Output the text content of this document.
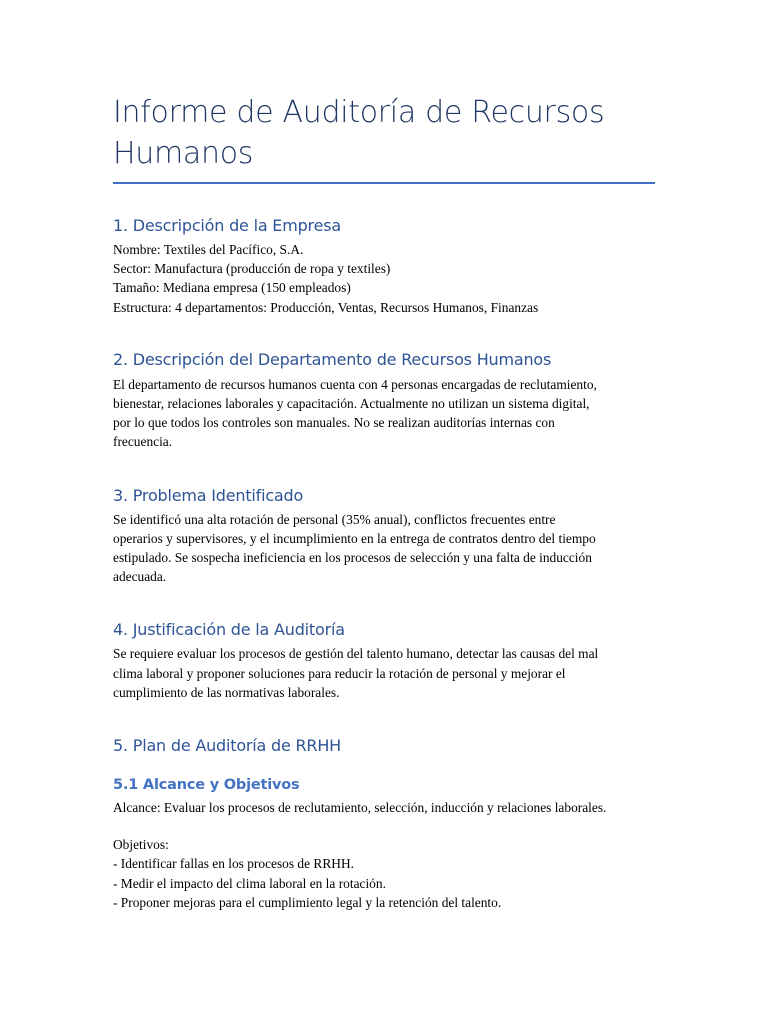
Informe de Auditoría de Recursos
Humanos
1. Descripción de la Empresa

Nombre: Textiles del Pacífico, S.A.
Sector: Manufactura (producción de ropa y textiles)
Tamaño: Mediana empresa (150 empleados)
Estructura: 4 departamentos: Producción, Ventas, Recursos Humanos, Finanzas

2. Descripción del Departamento de Recursos Humanos

El departamento de recursos humanos cuenta con 4 personas encargadas de reclutamiento,
bienestar, relaciones laborales y capacitación. Actualmente no utilizan un sistema digital,
por lo que todos los controles son manuales. No se realizan auditorías internas con
frecuencia.

3. Problema Identificado

Se identificó una alta rotación de personal (35% anual), conflictos frecuentes entre
operarios y supervisores, y el incumplimiento en la entrega de contratos dentro del tiempo
estipulado. Se sospecha ineficiencia en los procesos de selección y una falta de inducción
adecuada.

4. Justificación de la Auditoría

Se requiere evaluar los procesos de gestión del talento humano, detectar las causas del mal
clima laboral y proponer soluciones para reducir la rotación de personal y mejorar el
cumplimiento de las normativas laborales.

5. Plan de Auditoría de RRHH
5.1 Alcance y Objetivos

Alcance: Evaluar los procesos de reclutamiento, selección, inducción y relaciones laborales.
Objetivos:
- Identificar fallas en los procesos de RRHH.
- Medir el impacto del clima laboral en la rotación.
- Proponer mejoras para el cumplimiento legal y la retención del talento.
